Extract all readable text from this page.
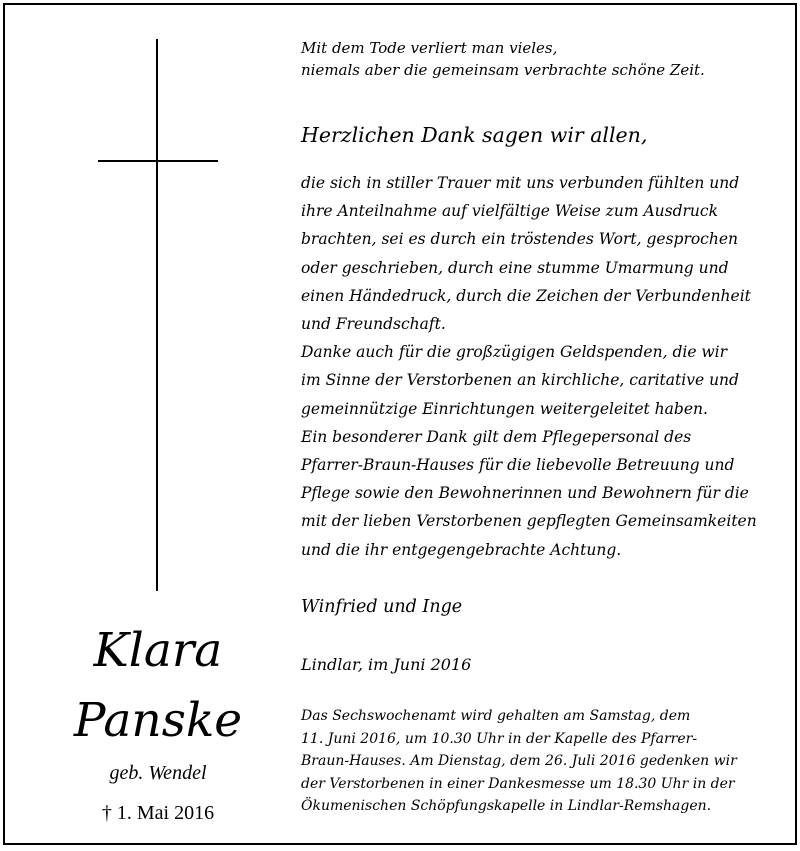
Klara
Panske
geb. Wendel
† 1. Mai 2016
Mit dem Tode verliert man vieles,
niemals aber die gemeinsam verbrachte schöne Zeit.
Herzlichen Dank sagen wir allen,
die sich in stiller Trauer mit uns verbunden fühlten und
ihre Anteilnahme auf vielfältige Weise zum Ausdruck
brachten, sei es durch ein tröstendes Wort, gesprochen
oder geschrieben, durch eine stumme Umarmung und
einen Händedruck, durch die Zeichen der Verbundenheit
und Freundschaft.
Danke auch für die großzügigen Geldspenden, die wir
im Sinne der Verstorbenen an kirchliche, caritative und
gemeinnützige Einrichtungen weitergeleitet haben.
Ein besonderer Dank gilt dem Pflegepersonal des
Pfarrer-Braun-Hauses für die liebevolle Betreuung und
Pflege sowie den Bewohnerinnen und Bewohnern für die
mit der lieben Verstorbenen gepflegten Gemeinsamkeiten
und die ihr entgegengebrachte Achtung.
Winfried und Inge
Lindlar, im Juni 2016
Das Sechswochenamt wird gehalten am Samstag, dem
11. Juni 2016, um 10.30 Uhr in der Kapelle des Pfarrer-
Braun-Hauses. Am Dienstag, dem 26. Juli 2016 gedenken wir
der Verstorbenen in einer Dankesmesse um 18.30 Uhr in der
Ökumenischen Schöpfungskapelle in Lindlar-Remshagen.
